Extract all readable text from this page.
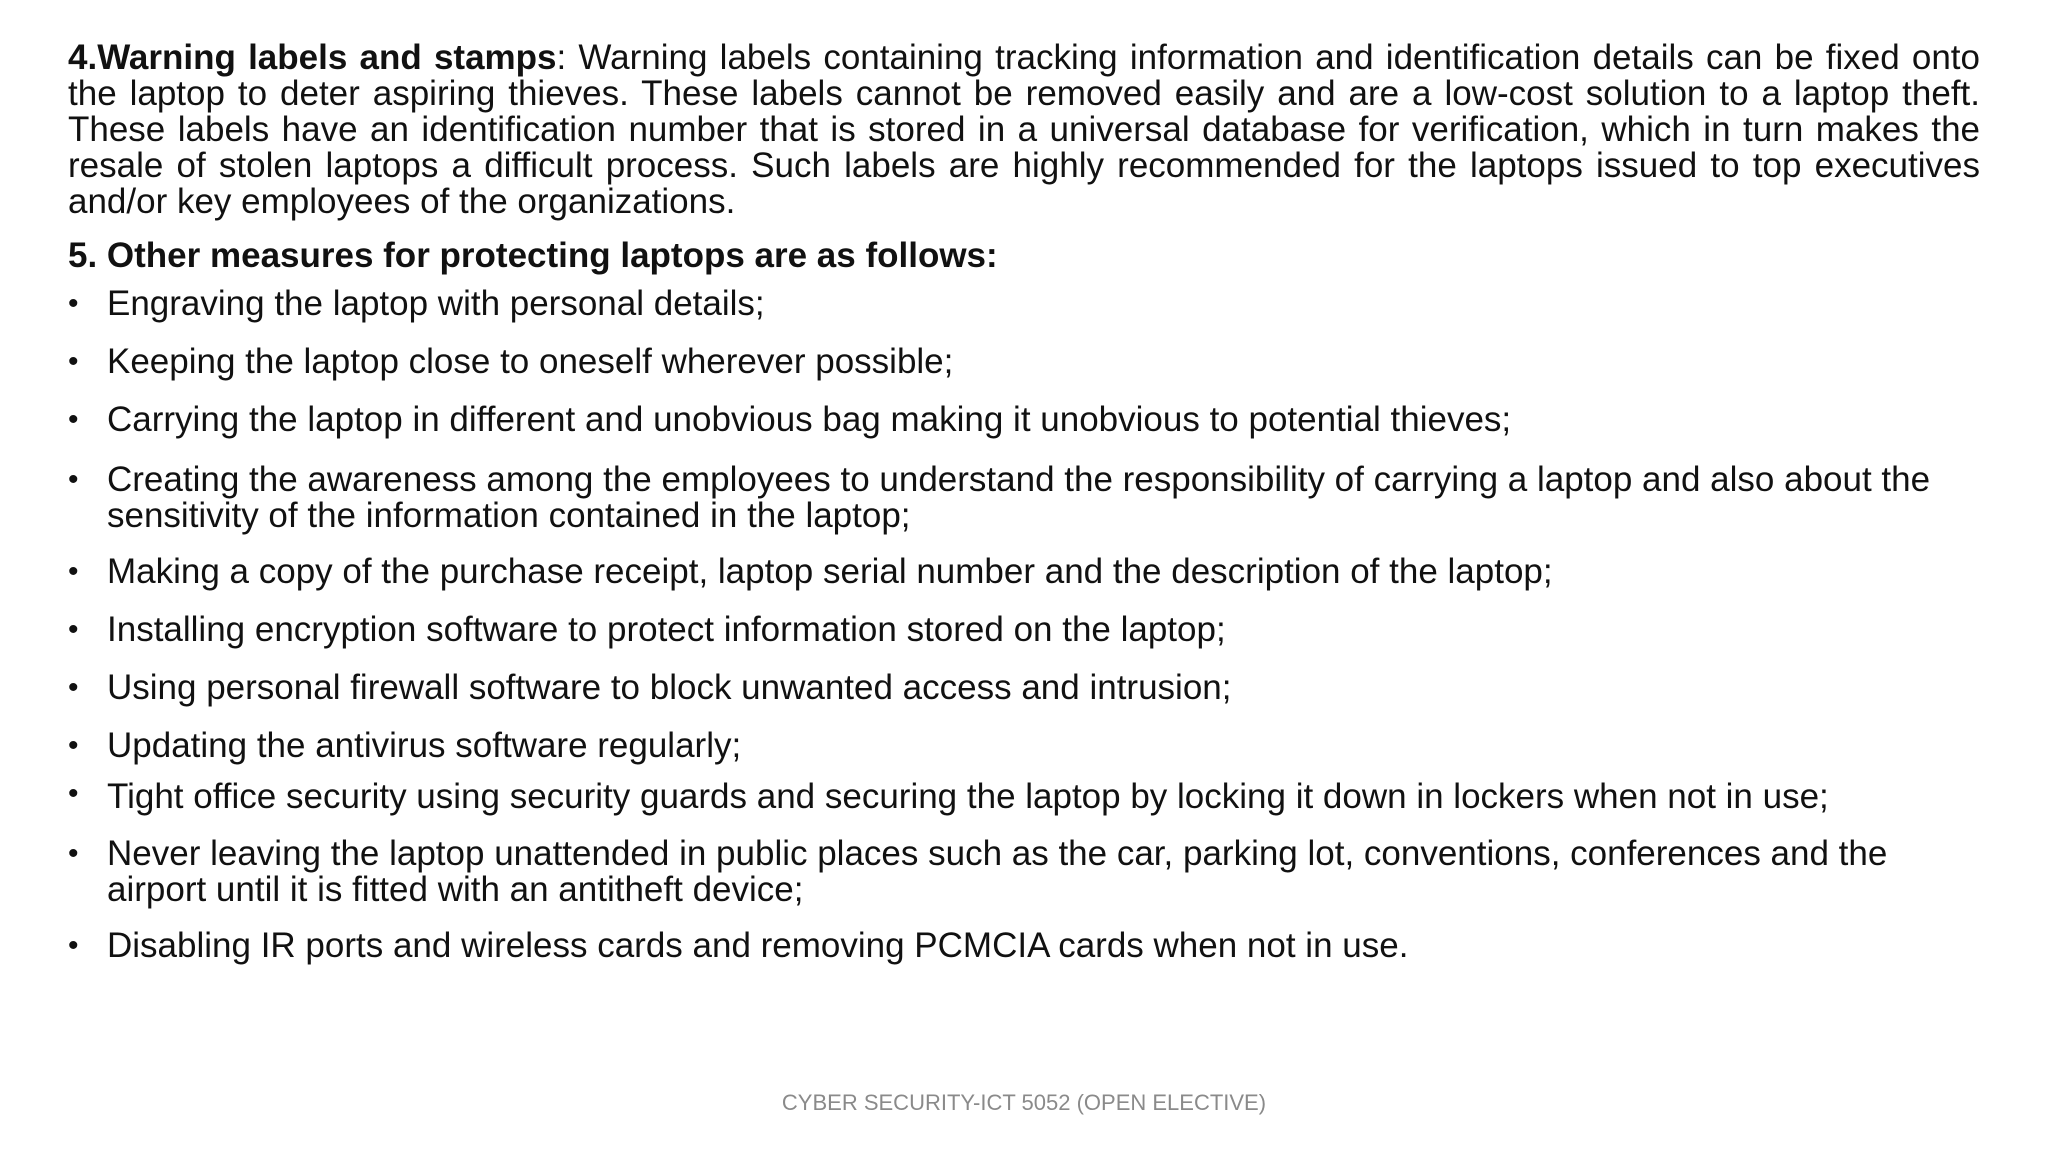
4.Warning labels and stamps: Warning labels containing tracking information and identification details can be fixed onto the laptop to deter aspiring thieves. These labels cannot be removed easily and are a low-cost solution to a laptop theft. These labels have an identification number that is stored in a universal database for verification, which in turn makes the resale of stolen laptops a difficult process. Such labels are highly recommended for the laptops issued to top executives and/or key employees of the organizations.

5. Other measures for protecting laptops are as follows:
• Engraving the laptop with personal details;
• Keeping the laptop close to oneself wherever possible;
• Carrying the laptop in different and unobvious bag making it unobvious to potential thieves;
• Creating the awareness among the employees to understand the responsibility of carrying a laptop and also about the sensitivity of the information contained in the laptop;
• Making a copy of the purchase receipt, laptop serial number and the description of the laptop;
• Installing encryption software to protect information stored on the laptop;
• Using personal firewall software to block unwanted access and intrusion;
• Updating the antivirus software regularly;
• Tight office security using security guards and securing the laptop by locking it down in lockers when not in use;
• Never leaving the laptop unattended in public places such as the car, parking lot, conventions, conferences and the airport until it is fitted with an antitheft device;
• Disabling IR ports and wireless cards and removing PCMCIA cards when not in use.
CYBER SECURITY-ICT 5052 (OPEN ELECTIVE)
